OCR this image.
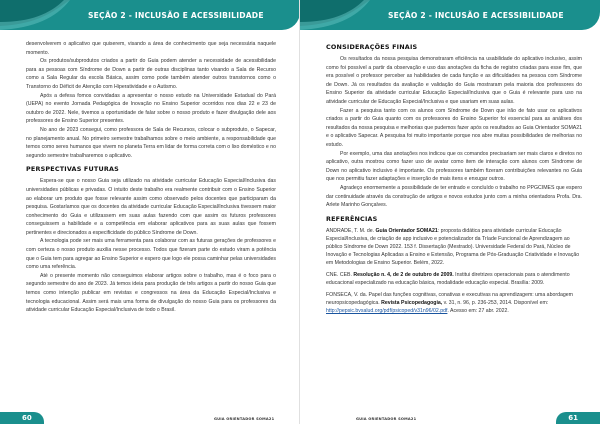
SEÇÃO 2 - INCLUSÃO E ACESSIBILIDADE

desenvolverem o aplicativo que quiserem, visando a área de conhecimento que seja necessária naquele momento.

Os produtos/subprodutos criados a partir do Guia podem atender a necessidade de acessibilidade para as pessoas com Síndrome de Down a partir de outras disciplinas tanto visando a Sala de Recurso como a Sala Regular da escola Básica, assim como pode também atender outros transtornos como o Transtorno do Déficit de Atenção com Hiperatividade e o Autismo.

Após a defesa fomos convidadas a apresentar o nosso estudo na Universidade Estadual do Pará (UEPA) no evento Jornada Pedagógica de Inovação no Ensino Superior ocorridos nos dias 22 e 23 de outubro de 2022. Nele, tivemos a oportunidade de falar sobre o nosso produto e fazer divulgação dele aos professores de Ensino Superior presentes.

No ano de 2023 consegui, como professora de Sala de Recursos, colocar o subproduto, o Sapecar, no planejamento anual. No primeiro semestre trabalhamos sobre o meio ambiente, a responsabilidade que temos como seres humanos que vivem no planeta Terra em lidar de forma correta com o lixo doméstico e no segundo semestre trabalharemos o aplicativo.

PERSPECTIVAS FUTURAS

Espera-se que o nosso Guia seja utilizado na atividade curricular Educação Especial/Inclusiva das universidades públicas e privadas. O intuito deste trabalho era realmente contribuir com o Ensino Superior ao elaborar um produto que fosse relevante assim como observado pelos docentes que participaram da pesquisa. Gostaríamos que os docentes da atividade curricular Educação Especial/Inclusiva tivessem maior conhecimento do Guia e utilizassem em suas aulas fazendo com que assim os futuros professores conseguissem a habilidade e a competência em elaborar aplicativos para as suas aulas que fossem pertinentes e direcionados a especificidade do público Síndrome de Down.

A tecnologia pode ser mais uma ferramenta para colaborar com as futuras gerações de professores e com certeza o nosso produto auxilia nesse processo. Todos que fizeram parte do estudo viram a potência que o Guia tem para agregar ao Ensino Superior e espero que logo ele possa caminhar pelas universidades como uma referência.

Até o presente momento não conseguimos elaborar artigos sobre o trabalho, mas é o foco para o segundo semestre do ano de 2023. Já temos ideia para produção de três artigos a partir do nosso Guia que temos como intenção publicar em revistas e congressos na área da Educação Especial/Inclusiva e tecnologia educacional. Assim será mais uma forma de divulgação do nosso Guia para os professores da atividade curricular Educação Especial/Inclusiva de todo o Brasil.

60	GUIA ORIENTADOR SOMA21
SEÇÃO 2 - INCLUSÃO E ACESSIBILIDADE
CONSIDERAÇÕES FINAIS

Os resultados da nossa pesquisa demonstraram eficiência na usabilidade do aplicativo inclusivo, assim como foi possível a partir da observação e uso das anotações da ficha de registro criadas para esse fim, que era possível o professor perceber as habilidades de cada função e as dificuldades na pessoa com Síndrome de Down. Já os resultados da avaliação e validação do Guia mostraram pela maioria dos professores do Ensino Superior da atividade curricular Educação Especial/Inclusiva que o Guia é relevante para uso na atividade curricular de Educação Especial/Inclusiva e que usariam em suas aulas.

Fazer a pesquisa tanto com os alunos com Síndrome de Down que irão de fato usar os aplicativos criados a partir do Guia quanto com os professores do Ensino Superior foi essencial para as análises dos resultados da nossa pesquisa e melhorias que pudemos fazer após os resultados ao Guia Orientador SOMA21 e o aplicativo Sapecar. A pesquisa foi muito importante porque nos abre muitas possibilidades de melhorias no estudo.

Por exemplo, uma das anotações nos indicou que os comandos precisariam ser mais claros e diretos no aplicativo, outra mostrou como fazer uso de avatar como item de interação com alunos com Síndrome de Down no aplicativo inclusivo é importante. Os professores também fizeram contribuições relevantes no Guia que nos permitiu fazer adaptações e inserção de mais itens e enxugar outros.

Agradeço enormemente a possibilidade de ter entrado e concluído o trabalho no PPGCIMES que espero dar continuidade através da construção de artigos e novos estudos junto com a minha orientadora Profa. Dra. Arlete Marinho Gonçalves.

REFERÊNCIAS
ANDRADE, T. M. de. Guia Orientador SOMA21: proposta didática para atividade curricular Educação Especial/Inclusiva, de criação de app inclusivo e potencializador da Tríade Funcional de Aprendizagem ao público Síndrome de Down 2022. 153 f. Dissertação (Mestrado). Universidade Federal do Pará, Núcleo de Inovação e Tecnologias Aplicadas a Ensino e Extensão, Programa de Pós-Graduação Criatividade e Inovação em Metodologias de Ensino Superior. Belém, 2022.
CNE. CEB. Resolução n. 4, de 2 de outubro de 2009. Institui diretrizes operacionais para o atendimento educacional especializado na educação básica, modalidade educação especial. Brasília: 2009.
FONSECA, V. da. Papel das funções cognitivas, conativas e executivas na aprendizagem: uma abordagem neuropsicopedagógica. Revista Psicopedagogia, v. 31, n. 96, p. 236-253, 2014. Disponível em: http://pepsic.bvsalud.org/pdf/psicoped/v31n96/02.pdf. Acesso em: 27 abr. 2022.
61
GUIA ORIENTADOR SOMA21
